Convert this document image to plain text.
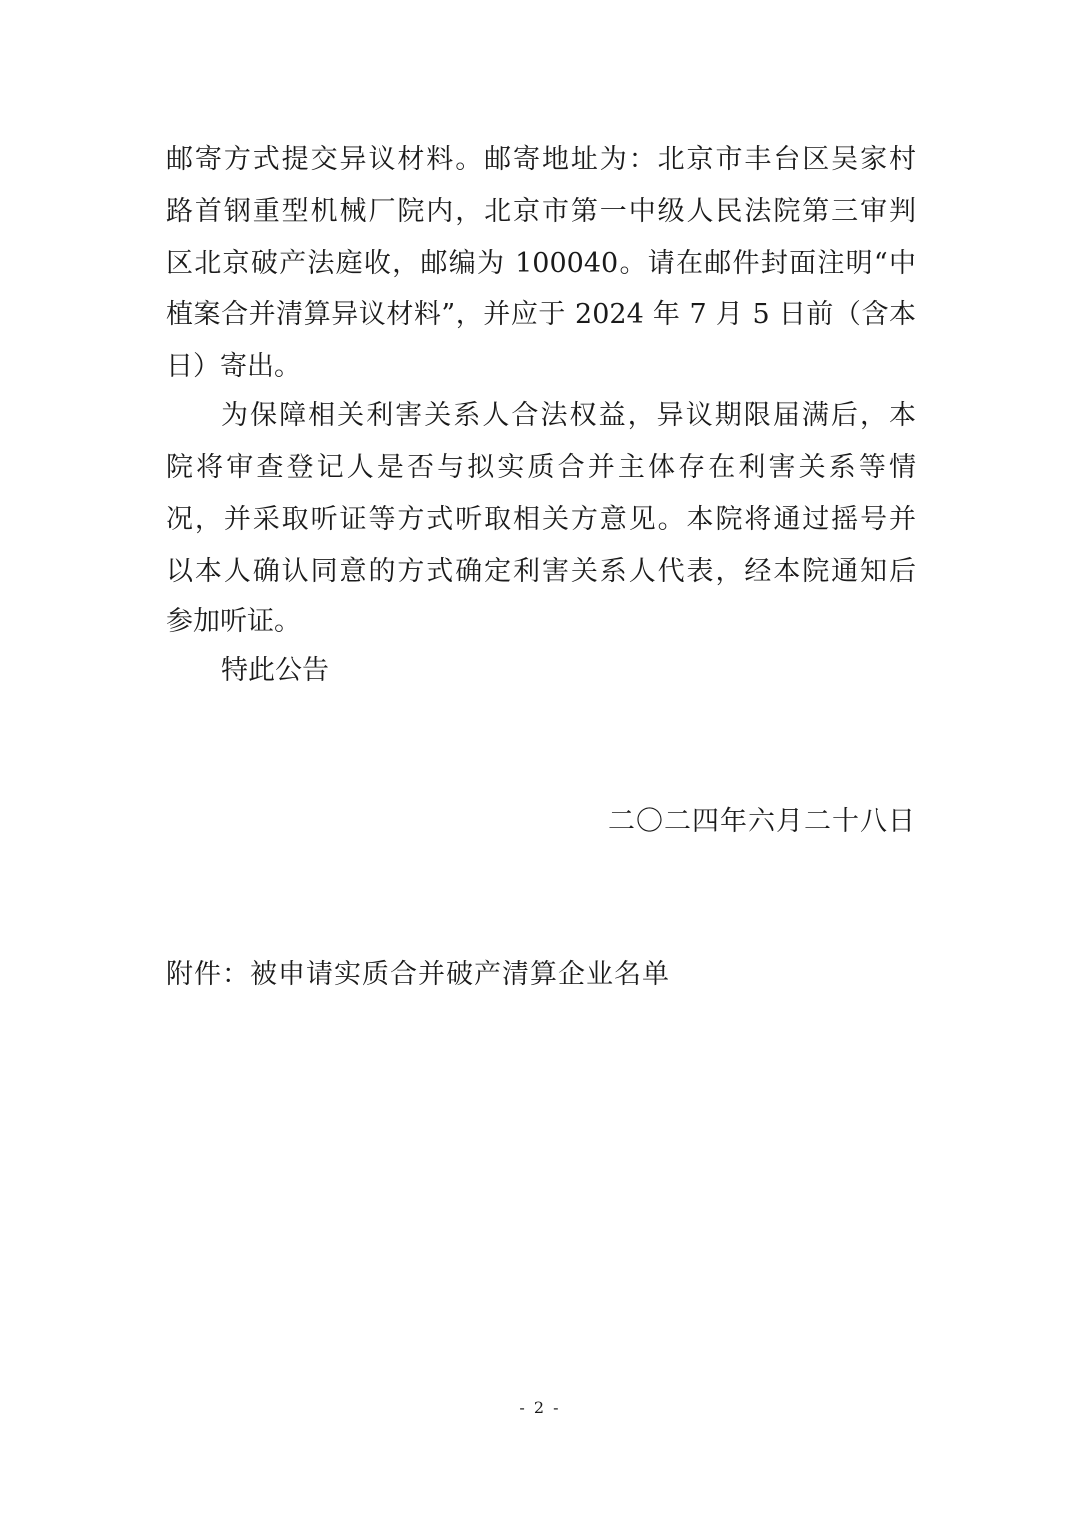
邮寄方式提交异议材料。邮寄地址为：北京市丰台区吴家村
路首钢重型机械厂院内，北京市第一中级人民法院第三审判
区北京破产法庭收，邮编为 100040。请在邮件封面注明“中
植案合并清算异议材料”，并应于 2024 年 7 月 5 日前（含本
日）寄出。
为保障相关利害关系人合法权益，异议期限届满后，本
院将审查登记人是否与拟实质合并主体存在利害关系等情
况，并采取听证等方式听取相关方意见。本院将通过摇号并
以本人确认同意的方式确定利害关系人代表，经本院通知后
参加听证。
特此公告
二〇二四年六月二十八日
附件：被申请实质合并破产清算企业名单
- 2 -
